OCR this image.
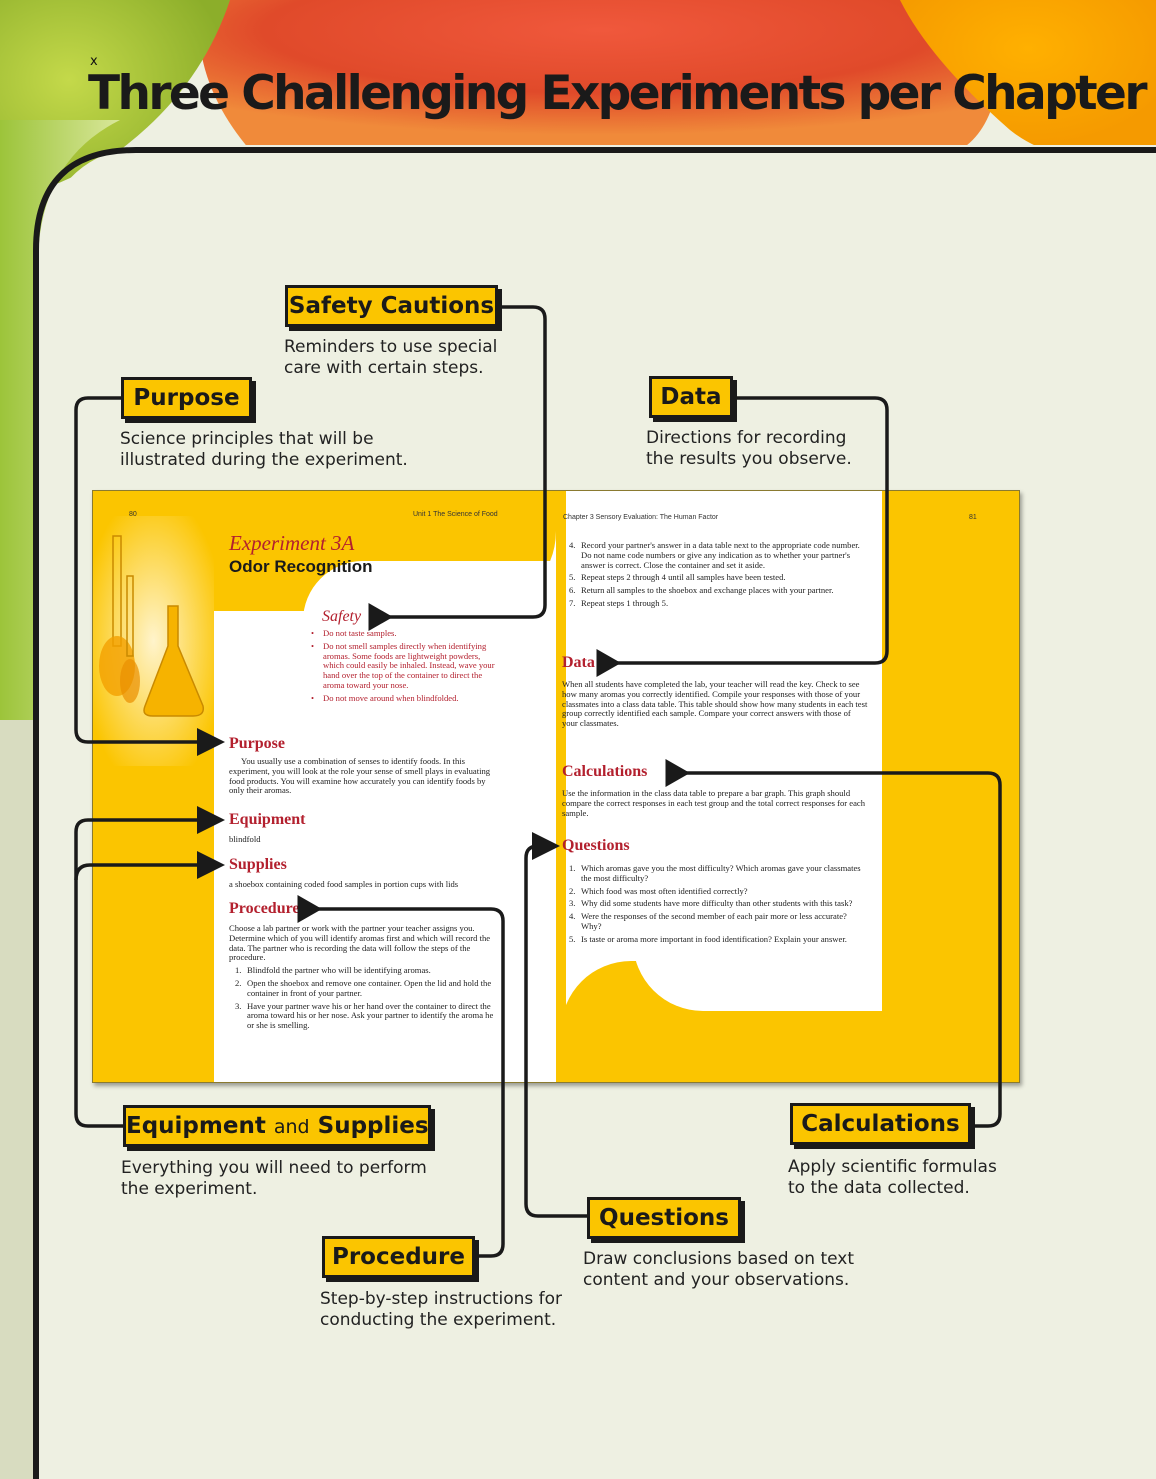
x
Three Challenging Experiments per Chapter
80	Unit 1 The Science of Food
Experiment 3A
Odor Recognition
Safety
• Do not taste samples.
• Do not smell samples directly when identifying aromas. Some foods are lightweight powders, which could easily be inhaled. Instead, wave your hand over the top of the container to direct the aroma toward your nose.
• Do not move around when blindfolded.
Purpose
You usually use a combination of senses to identify foods. In this experiment, you will look at the role your sense of smell plays in evaluating food products. You will examine how accurately you can identify foods by only their aromas.
Equipment
blindfold
Supplies
a shoebox containing coded food samples in portion cups with lids
Procedure
Choose a lab partner or work with the partner your teacher assigns you. Determine which of you will identify aromas first and which will record the data. The partner who is recording the data will follow the steps of the procedure.
1. Blindfold the partner who will be identifying aromas.
2. Open the shoebox and remove one container. Open the lid and hold the container in front of your partner.
3. Have your partner wave his or her hand over the container to direct the aroma toward his or her nose. Ask your partner to identify the aroma he or she is smelling.
Chapter 3 Sensory Evaluation: The Human Factor	81
4. Record your partner's answer in a data table next to the appropriate code number. Do not name code numbers or give any indication as to whether your partner's answer is correct. Close the container and set it aside.
5. Repeat steps 2 through 4 until all samples have been tested.
6. Return all samples to the shoebox and exchange places with your partner.
7. Repeat steps 1 through 5.
Data
When all students have completed the lab, your teacher will read the key. Check to see how many aromas you correctly identified. Compile your responses with those of your classmates into a class data table. This table should show how many students in each test group correctly identified each sample. Compare your correct answers with those of your classmates.
Calculations
Use the information in the class data table to prepare a bar graph. This graph should compare the correct responses in each test group and the total correct responses for each sample.
Questions
1. Which aromas gave you the most difficulty? Which aromas gave your classmates the most difficulty?
2. Which food was most often identified correctly?
3. Why did some students have more difficulty than other students with this task?
4. Were the responses of the second member of each pair more or less accurate? Why?
5. Is taste or aroma more important in food identification? Explain your answer.
Safety Cautions
Reminders to use special
care with certain steps.
Purpose
Science principles that will be
illustrated during the experiment.
Data
Directions for recording
the results you observe.
Equipment and Supplies
Everything you will need to perform
the experiment.
Calculations
Apply scientific formulas
to the data collected.
Questions
Draw conclusions based on text
content and your observations.
Procedure
Step-by-step instructions for
conducting the experiment.
